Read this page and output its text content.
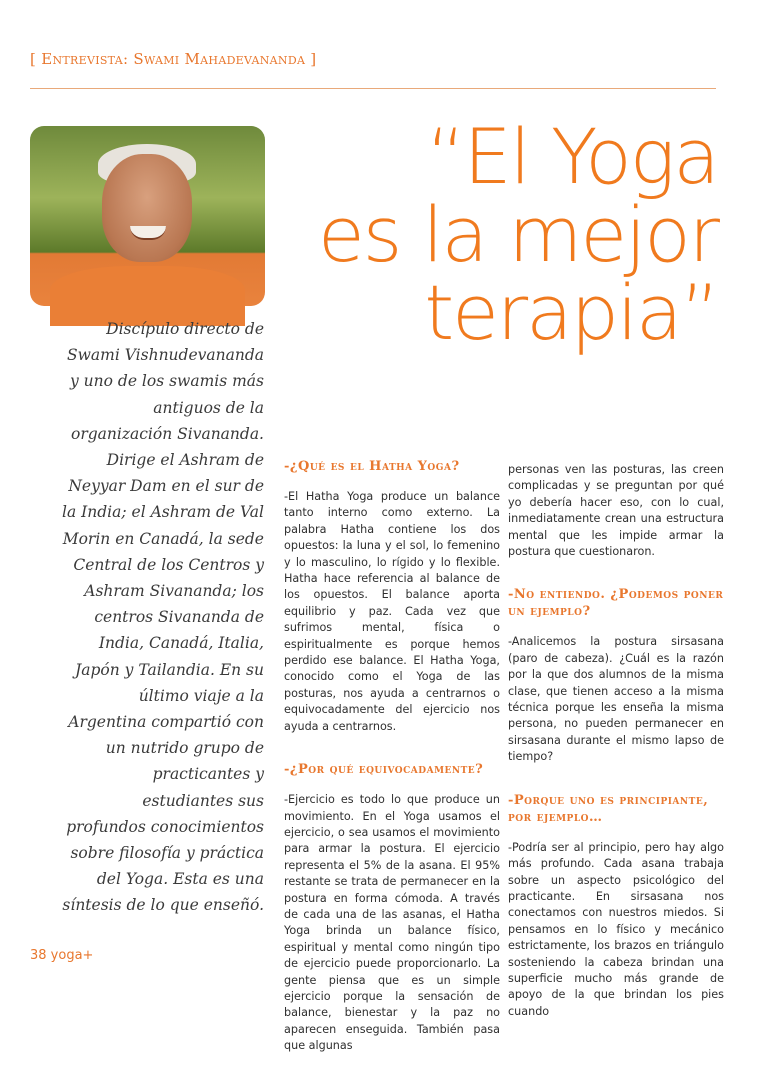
[ Entrevista: Swami Mahadevananda ]
“El Yoga
es la mejor
terapia”
Discípulo directo de Swami Vishnudevananda y uno de los swamis más antiguos de la organización Sivananda. Dirige el Ashram de Neyyar Dam en el sur de la India; el Ashram de Val Morin en Canadá, la sede Central de los Centros y Ashram Sivananda; los centros Sivananda de India, Canadá, Italia, Japón y Tailandia. En su último viaje a la Argentina compartió con un nutrido grupo de practicantes y estudiantes sus profundos conocimientos sobre filosofía y práctica del Yoga. Esta es una síntesis de lo que enseñó.
-¿Qué es el Hatha Yoga?
-El Hatha Yoga produce un balance tanto interno como externo. La palabra Hatha contiene los dos opuestos: la luna y el sol, lo femenino y lo masculino, lo rígido y lo flexible. Hatha hace referencia al balance de los opuestos. El balance aporta equilibrio y paz. Cada vez que sufrimos mental, física o espiritualmente es porque hemos perdido ese balance. El Hatha Yoga, conocido como el Yoga de las posturas, nos ayuda a centrarnos o equivocadamente del ejercicio nos ayuda a centrarnos.
-¿Por qué equivocadamente?
-Ejercicio es todo lo que produce un movimiento. En el Yoga usamos el ejercicio, o sea usamos el movimiento para armar la postura. El ejercicio representa el 5% de la asana. El 95% restante se trata de permanecer en la postura en forma cómoda. A través de cada una de las asanas, el Hatha Yoga brinda un balance físico, espiritual y mental como ningún tipo de ejercicio puede proporcionarlo. La gente piensa que es un simple ejercicio porque la sensación de balance, bienestar y la paz no aparecen enseguida. También pasa que algunas
personas ven las posturas, las creen complicadas y se preguntan por qué yo debería hacer eso, con lo cual, inmediatamente crean una estructura mental que les impide armar la postura que cuestionaron.
-No entiendo. ¿Podemos poner un ejemplo?
-Analicemos la postura sirsasana (paro de cabeza). ¿Cuál es la razón por la que dos alumnos de la misma clase, que tienen acceso a la misma técnica porque les enseña la misma persona, no pueden permanecer en sirsasana durante el mismo lapso de tiempo?
-Porque uno es principiante, por ejemplo…
-Podría ser al principio, pero hay algo más profundo. Cada asana trabaja sobre un aspecto psicológico del practicante. En sirsasana nos conectamos con nuestros miedos. Si pensamos en lo físico y mecánico estrictamente, los brazos en triángulo sosteniendo la cabeza brindan una superficie mucho más grande de apoyo de la que brindan los pies cuando
38 yoga+
